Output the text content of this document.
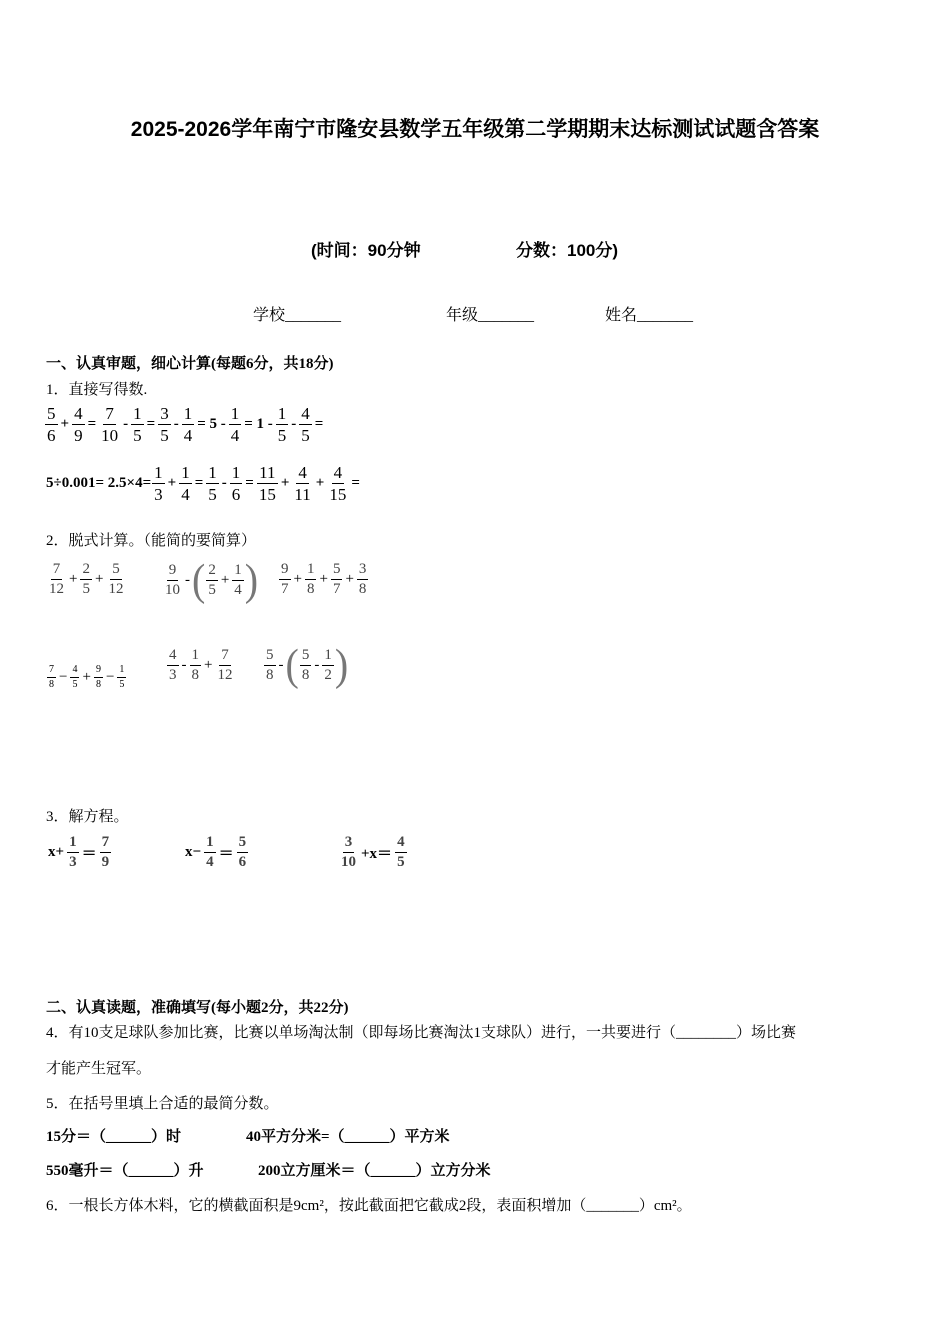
2025-2026学年南宁市隆安县数学五年级第二学期期末达标测试试题含答案
(时间：90分钟	分数：100分)
学校_______	年级_______	姓名_______
一、认真审题，细心计算(每题6分，共18分)
1．直接写得数.
$\frac{5}{6} + \frac{4}{9} = \frac{7}{10} - \frac{1}{5} = \frac{3}{5} - \frac{1}{4} = 5 - \frac{1}{4} = 1 - \frac{1}{5} - \frac{4}{5}$ =
$5\div 0.001= 2.5\times 4= \frac{1}{3} + \frac{1}{4} = \frac{1}{5} - \frac{1}{6} = \frac{11}{15} + \frac{4}{11} + \frac{4}{15}$ =
2．脱式计算。（能简的要简算）
$\frac{7}{12} + \frac{2}{5} + \frac{5}{12}$	$\frac{9}{10}$ - ( $\frac{2}{5} + \frac{1}{4}$ ) $\frac{9}{7} + \frac{1}{8} + \frac{5}{7} + \frac{3}{8}$
$\frac{7}{8} - \frac{4}{5} + \frac{9}{8} - \frac{1}{5}$	$\frac{4}{3} - \frac{1}{8} + \frac{7}{12} \frac{5}{8}$ - ( $\frac{5}{8} - \frac{1}{2}$ )
3．解方程。
$x+ \frac{1}{3} = \frac{7}{9}$	$x- \frac{1}{4} = \frac{5}{6}$	$\frac{3}{10} +x= \frac{4}{5}$
二、认真读题，准确填写(每小题2分，共22分)
4．有10支足球队参加比赛，比赛以单场淘汰制（即每场比赛淘汰1支球队）进行，一共要进行（________）场比赛
才能产生冠军。
5．在括号里填上合适的最简分数。
15分＝（______）时	40平方分米=（______）平方米
550毫升＝（______）升	200立方厘米＝（______）立方分米
6．一根长方体木料，它的横截面积是9cm²，按此截面把它截成2段，表面积增加（_______）cm²。
